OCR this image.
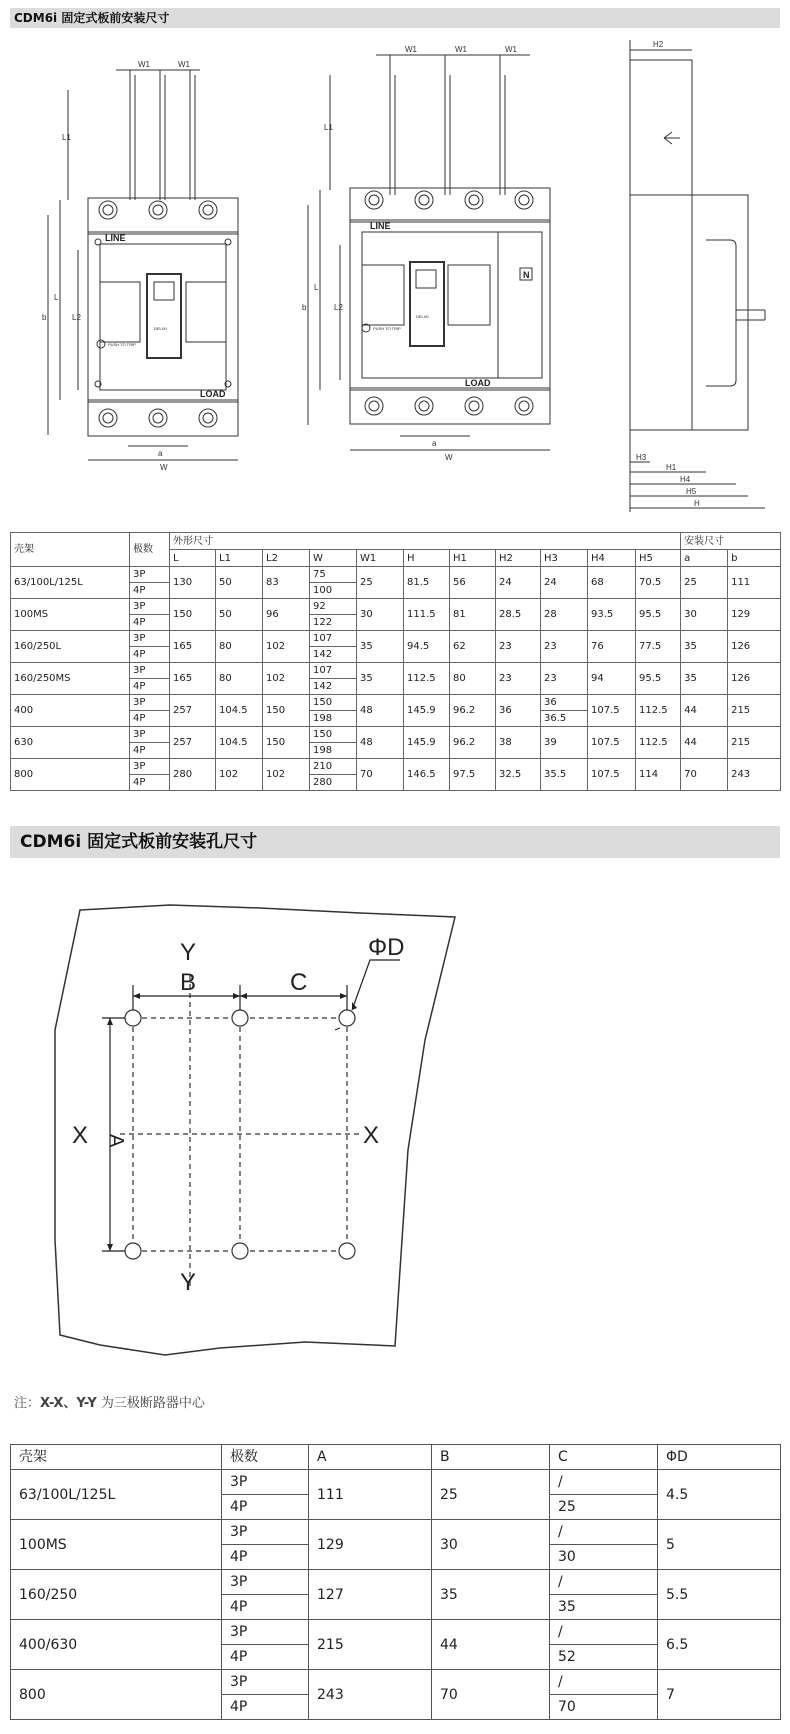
CDM6i 固定式板前安装尺寸
W1	W1
L1
L
b	L2
a
W
W1	W1	W1
L1
L
b	L2
a
W
H2
H3
H1
H4
H5
H
LINE
LOAD
LINE
LOAD
PUSH TO TRIP
DELIXI	PUSH TO TRIP
DELIXI
N
壳架	极数	外形尺寸											安装尺寸	
		L	L1	L2	W	W1	H	H1	H2	H3	H4	H5	a	b
63/100L/125L	3P	130	50	83	75	25	81.5	56	24	24	68	70.5	25	111
	4P				100									
100MS	3P	150	50	96	92	30	111.5	81	28.5	28	93.5	95.5	30	129
	4P				122									
160/250L	3P	165	80	102	107	35	94.5	62	23	23	76	77.5	35	126
	4P				142									
160/250MS	3P	165	80	102	107	35	112.5	80	23	23	94	95.5	35	126
	4P				142									
400	3P	257	104.5	150	150	48	145.9	96.2	36	36	107.5	112.5	44	215
	4P				198					36.5				
630	3P	257	104.5	150	150	48	145.9	96.2	38	39	107.5	112.5	44	215
	4P				198									
800	3P	280	102	102	210	70	146.5	97.5	32.5	35.5	107.5	114	70	243
	4P				280									
CDM6i 固定式板前安装孔尺寸
Y
Y
X	X
B	C
ΦD
A
注：X-X、Y-Y 为三极断路器中心
壳架	极数	A	B	C	ΦD
63/100L/125L	3P	111	25	/	4.5
	4P			25	
100MS	3P	129	30	/	5
	4P			30	
160/250	3P	127	35	/	5.5
	4P			35	
400/630	3P	215	44	/	6.5
	4P			52	
800	3P	243	70	/	7
	4P			70	
